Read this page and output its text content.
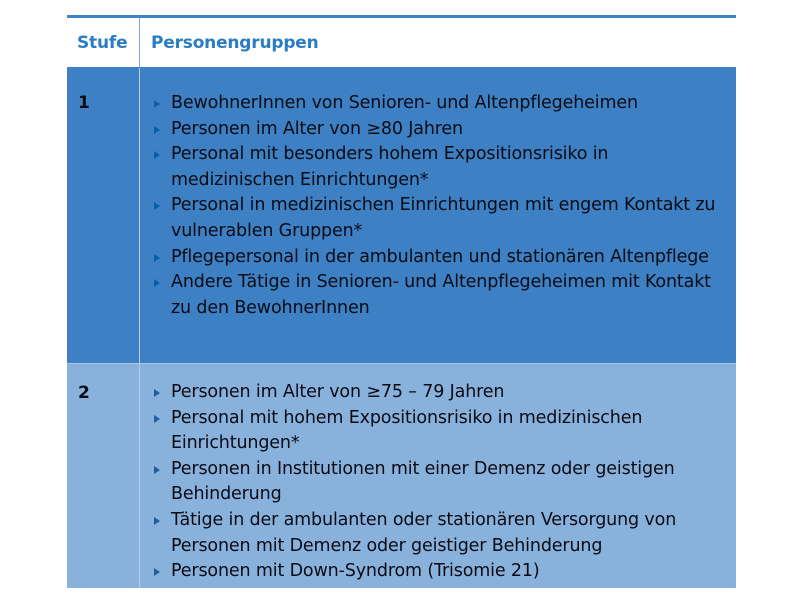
Stufe	Personengruppen
1	BewohnerInnen von Senioren- und Altenpflegeheimen
Personen im Alter von ≥80 Jahren
Personal mit besonders hohem Expositionsrisiko in medizinischen Einrichtungen*
Personal in medizinischen Einrichtungen mit engem Kontakt zu vulnerablen Gruppen*
Pflegepersonal in der ambulanten und stationären Altenpflege
Andere Tätige in Senioren- und Altenpflegeheimen mit Kontakt zu den BewohnerInnen
2	Personen im Alter von ≥75 – 79 Jahren
Personal mit hohem Expositionsrisiko in medizinischen Einrichtungen*
Personen in Institutionen mit einer Demenz oder geistigen Behinderung
Tätige in der ambulanten oder stationären Versorgung von Personen mit Demenz oder geistiger Behinderung
Personen mit Down-Syndrom (Trisomie 21)
